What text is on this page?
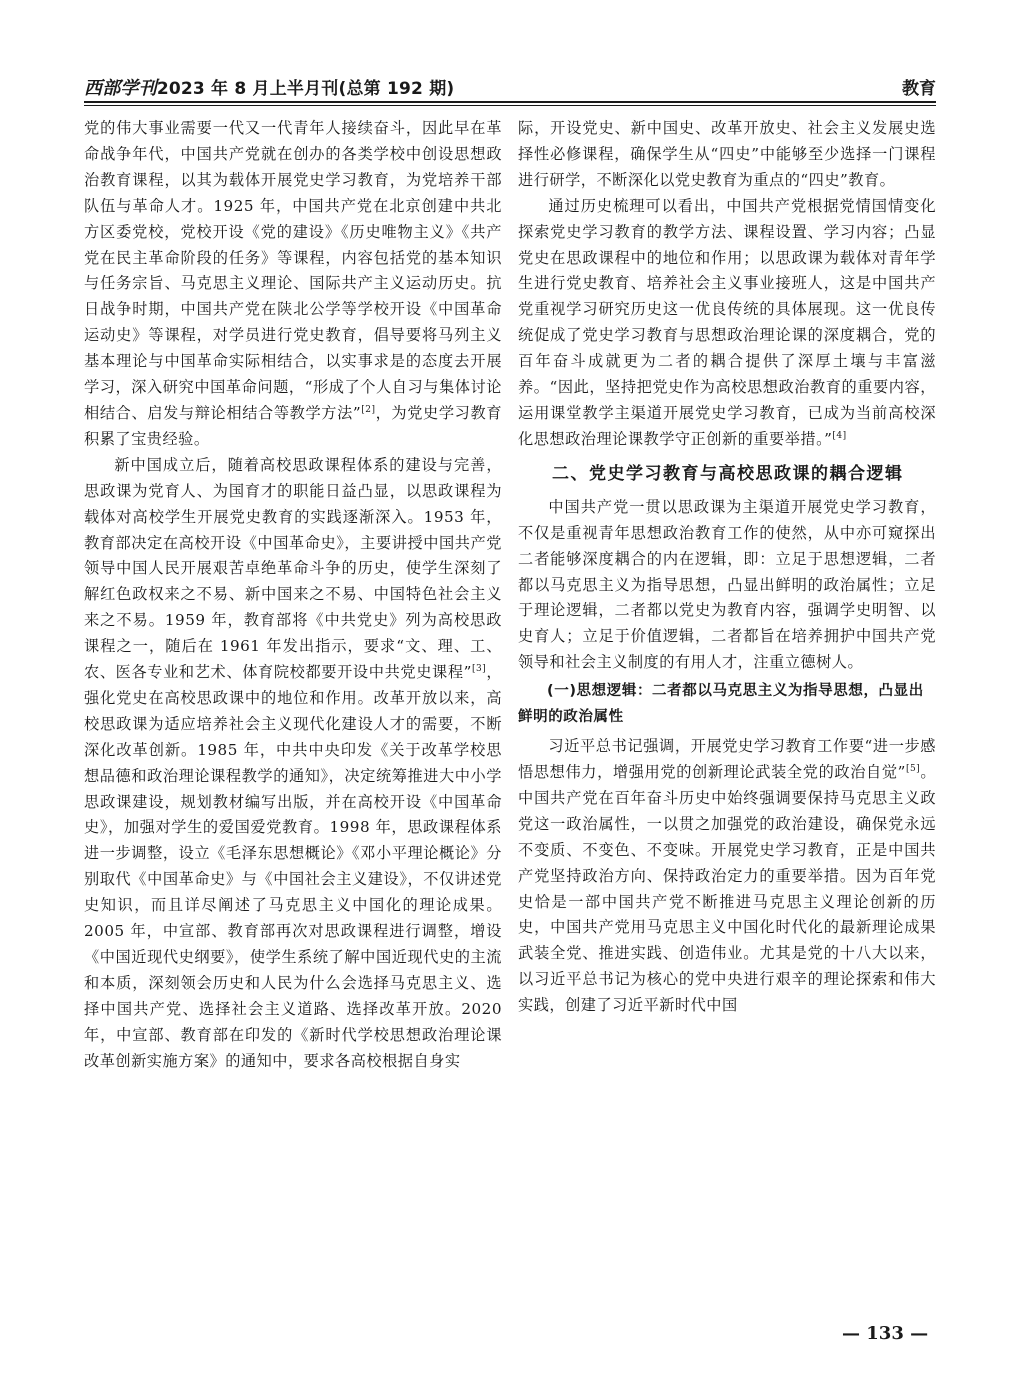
西部学刊2023 年 8 月上半月刊(总第 192 期)	教育

党的伟大事业需要一代又一代青年人接续奋斗，因此早在革命战争年代，中国共产党就在创办的各类学校中创设思想政治教育课程，以其为载体开展党史学习教育，为党培养干部队伍与革命人才。1925 年，中国共产党在北京创建中共北方区委党校，党校开设《党的建设》《历史唯物主义》《共产党在民主革命阶段的任务》等课程，内容包括党的基本知识与任务宗旨、马克思主义理论、国际共产主义运动历史。抗日战争时期，中国共产党在陕北公学等学校开设《中国革命运动史》等课程，对学员进行党史教育，倡导要将马列主义基本理论与中国革命实际相结合，以实事求是的态度去开展学习，深入研究中国革命问题，“形成了个人自习与集体讨论相结合、启发与辩论相结合等教学方法”[2]，为党史学习教育积累了宝贵经验。

新中国成立后，随着高校思政课程体系的建设与完善，思政课为党育人、为国育才的职能日益凸显，以思政课程为载体对高校学生开展党史教育的实践逐渐深入。1953 年，教育部决定在高校开设《中国革命史》，主要讲授中国共产党领导中国人民开展艰苦卓绝革命斗争的历史，使学生深刻了解红色政权来之不易、新中国来之不易、中国特色社会主义来之不易。1959 年，教育部将《中共党史》列为高校思政课程之一，随后在 1961 年发出指示，要求“文、理、工、农、医各专业和艺术、体育院校都要开设中共党史课程”[3]，强化党史在高校思政课中的地位和作用。改革开放以来，高校思政课为适应培养社会主义现代化建设人才的需要，不断深化改革创新。1985 年，中共中央印发《关于改革学校思想品德和政治理论课程教学的通知》，决定统筹推进大中小学思政课建设，规划教材编写出版，并在高校开设《中国革命史》，加强对学生的爱国爱党教育。1998 年，思政课程体系进一步调整，设立《毛泽东思想概论》《邓小平理论概论》分别取代《中国革命史》与《中国社会主义建设》，不仅讲述党史知识，而且详尽阐述了马克思主义中国化的理论成果。2005 年，中宣部、教育部再次对思政课程进行调整，增设《中国近现代史纲要》，使学生系统了解中国近现代史的主流和本质，深刻领会历史和人民为什么会选择马克思主义、选择中国共产党、选择社会主义道路、选择改革开放。2020 年，中宣部、教育部在印发的《新时代学校思想政治理论课改革创新实施方案》的通知中，要求各高校根据自身实

际，开设党史、新中国史、改革开放史、社会主义发展史选择性必修课程，确保学生从“四史”中能够至少选择一门课程进行研学，不断深化以党史教育为重点的“四史”教育。

通过历史梳理可以看出，中国共产党根据党情国情变化探索党史学习教育的教学方法、课程设置、学习内容；凸显党史在思政课程中的地位和作用；以思政课为载体对青年学生进行党史教育、培养社会主义事业接班人，这是中国共产党重视学习研究历史这一优良传统的具体展现。这一优良传统促成了党史学习教育与思想政治理论课的深度耦合，党的百年奋斗成就更为二者的耦合提供了深厚土壤与丰富滋养。“因此，坚持把党史作为高校思想政治教育的重要内容，运用课堂教学主渠道开展党史学习教育，已成为当前高校深化思想政治理论课教学守正创新的重要举措。”[4]

二、党史学习教育与高校思政课的耦合逻辑

中国共产党一贯以思政课为主渠道开展党史学习教育，不仅是重视青年思想政治教育工作的使然，从中亦可窥探出二者能够深度耦合的内在逻辑，即：立足于思想逻辑，二者都以马克思主义为指导思想，凸显出鲜明的政治属性；立足于理论逻辑，二者都以党史为教育内容，强调学史明智、以史育人；立足于价值逻辑，二者都旨在培养拥护中国共产党领导和社会主义制度的有用人才，注重立德树人。

(一)思想逻辑：二者都以马克思主义为指导思想，凸显出鲜明的政治属性

习近平总书记强调，开展党史学习教育工作要“进一步感悟思想伟力，增强用党的创新理论武装全党的政治自觉”[5]。中国共产党在百年奋斗历史中始终强调要保持马克思主义政党这一政治属性，一以贯之加强党的政治建设，确保党永远不变质、不变色、不变味。开展党史学习教育，正是中国共产党坚持政治方向、保持政治定力的重要举措。因为百年党史恰是一部中国共产党不断推进马克思主义理论创新的历史，中国共产党用马克思主义中国化时代化的最新理论成果武装全党、推进实践、创造伟业。尤其是党的十八大以来，以习近平总书记为核心的党中央进行艰辛的理论探索和伟大实践，创建了习近平新时代中国

— 133 —
